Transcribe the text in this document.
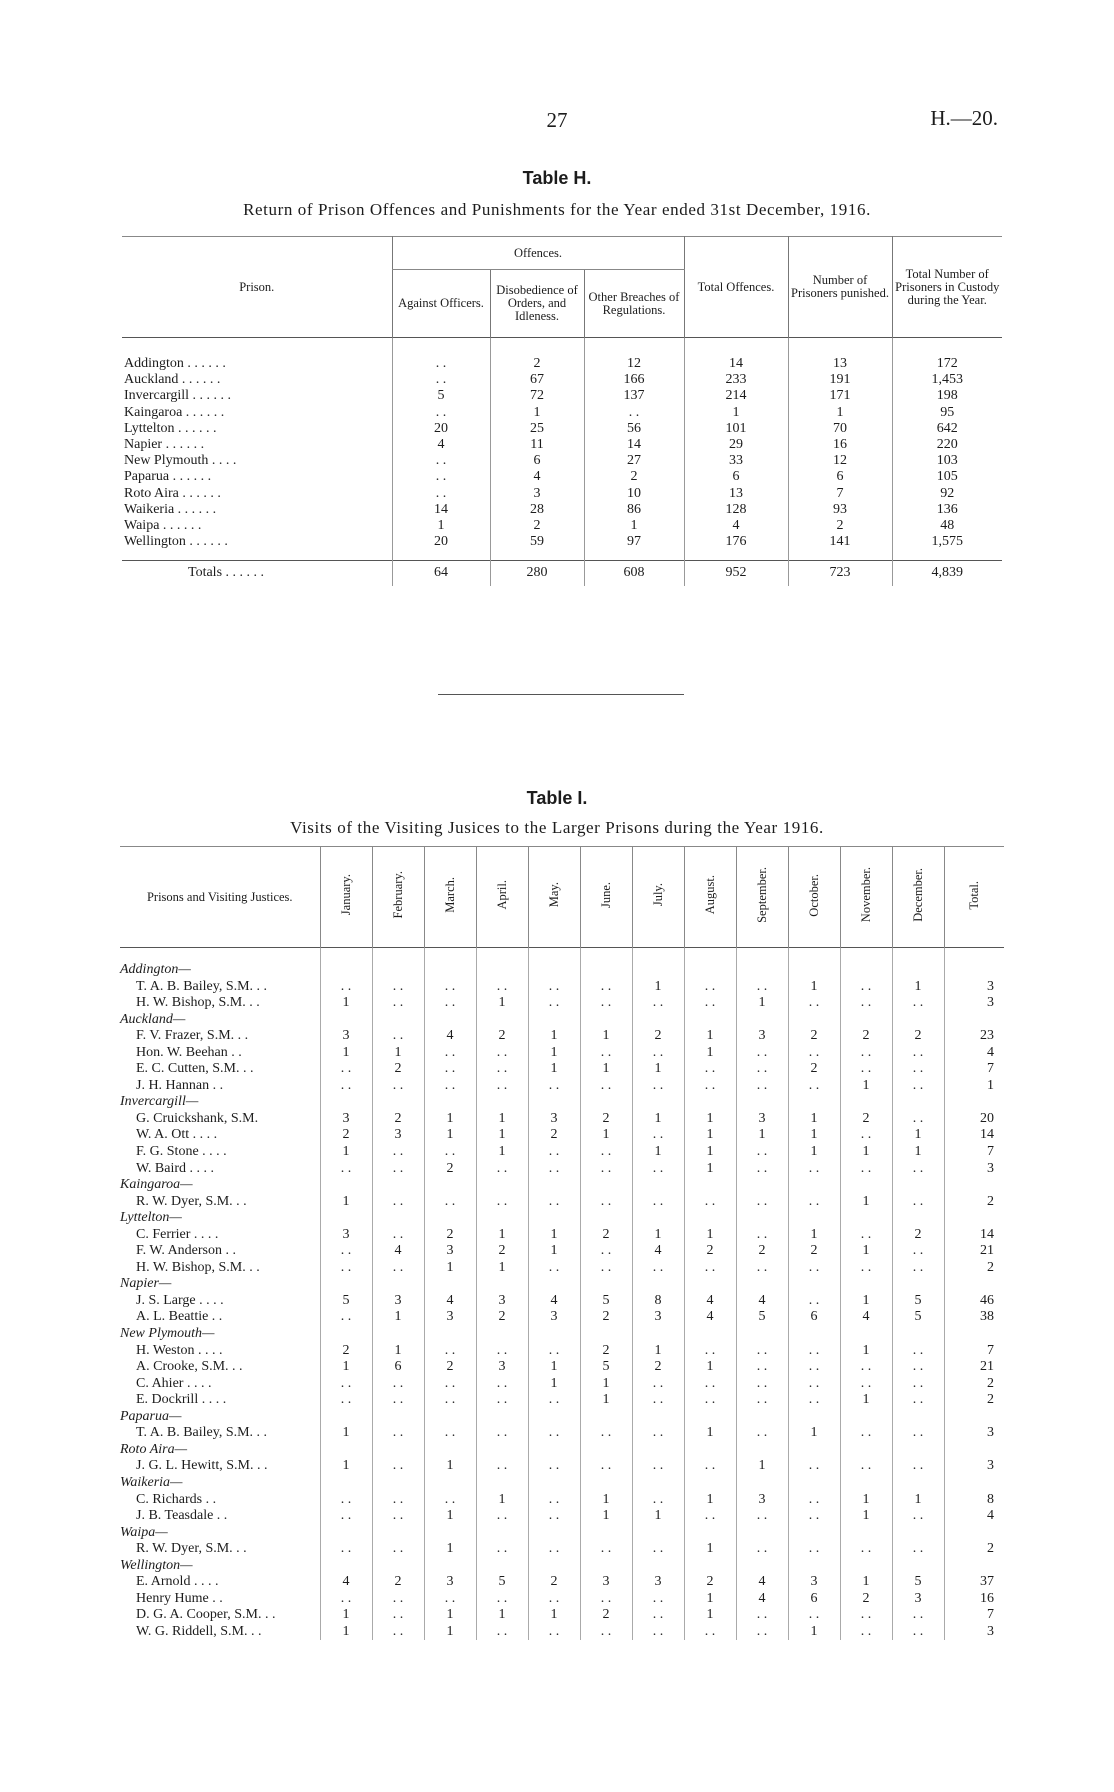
27	H.—20.
Table H.
Return of Prison Offences and Punishments for the Year ended 31st December, 1916.
Prison.	Offences.			Total Offences.	Number of Prisoners punished.	Total Number of Prisoners in Custody during the Year.
	Against Officers.	Disobedience of Orders, and Idleness.	Other Breaches of Regulations.			
Addington . . . . . .	. .	2	12	14	13	172
Auckland . . . . . .	. .	67	166	233	191	1,453
Invercargill . . . . . .	5	72	137	214	171	198
Kaingaroa . . . . . .	. .	1	. .	1	1	95
Lyttelton . . . . . .	20	25	56	101	70	642
Napier . . . . . .	4	11	14	29	16	220
New Plymouth . . . .	. .	6	27	33	12	103
Paparua . . . . . .	. .	4	2	6	6	105
Roto Aira . . . . . .	. .	3	10	13	7	92
Waikeria . . . . . .	14	28	86	128	93	136
Waipa . . . . . .	1	2	1	4	2	48
Wellington . . . . . .	20	59	97	176	141	1,575
Totals . . . . . .	64	280	608	952	723	4,839
Table I.
Visits of the Visiting Jusices to the Larger Prisons during the Year 1916.
Prisons and Visiting Justices.	January.	February.	March.	April.	May.	June.	July.	August.	September.	October.	November.	December.	Total.
Addington—													
T. A. B. Bailey, S.M. . .	. .	. .	. .	. .	. .	. .	1	. .	. .	1	. .	1	3
H. W. Bishop, S.M. . .	1	. .	. .	1	. .	. .	. .	. .	1	. .	. .	. .	3
Auckland—													
F. V. Frazer, S.M. . .	3	. .	4	2	1	1	2	1	3	2	2	2	23
Hon. W. Beehan . .	1	1	. .	. .	1	. .	. .	1	. .	. .	. .	. .	4
E. C. Cutten, S.M. . .	. .	2	. .	. .	1	1	1	. .	. .	2	. .	. .	7
J. H. Hannan . .	. .	. .	. .	. .	. .	. .	. .	. .	. .	. .	1	. .	1
Invercargill—													
G. Cruickshank, S.M.	3	2	1	1	3	2	1	1	3	1	2	. .	20
W. A. Ott . . . .	2	3	1	1	2	1	. .	1	1	1	. .	1	14
F. G. Stone . . . .	1	. .	. .	1	. .	. .	1	1	. .	1	1	1	7
W. Baird . . . .	. .	. .	2	. .	. .	. .	. .	1	. .	. .	. .	. .	3
Kaingaroa—													
R. W. Dyer, S.M. . .	1	. .	. .	. .	. .	. .	. .	. .	. .	. .	1	. .	2
Lyttelton—													
C. Ferrier . . . .	3	. .	2	1	1	2	1	1	. .	1	. .	2	14
F. W. Anderson . .	. .	4	3	2	1	. .	4	2	2	2	1	. .	21
H. W. Bishop, S.M. . .	. .	. .	1	1	. .	. .	. .	. .	. .	. .	. .	. .	2
Napier—													
J. S. Large . . . .	5	3	4	3	4	5	8	4	4	. .	1	5	46
A. L. Beattie . .	. .	1	3	2	3	2	3	4	5	6	4	5	38
New Plymouth—													
H. Weston . . . .	2	1	. .	. .	. .	2	1	. .	. .	. .	1	. .	7
A. Crooke, S.M. . .	1	6	2	3	1	5	2	1	. .	. .	. .	. .	21
C. Ahier . . . .	. .	. .	. .	. .	1	1	. .	. .	. .	. .	. .	. .	2
E. Dockrill . . . .	. .	. .	. .	. .	. .	1	. .	. .	. .	. .	1	. .	2
Paparua—													
T. A. B. Bailey, S.M. . .	1	. .	. .	. .	. .	. .	. .	1	. .	1	. .	. .	3
Roto Aira—													
J. G. L. Hewitt, S.M. . .	1	. .	1	. .	. .	. .	. .	. .	1	. .	. .	. .	3
Waikeria—													
C. Richards . .	. .	. .	. .	1	. .	1	. .	1	3	. .	1	1	8
J. B. Teasdale . .	. .	. .	1	. .	. .	1	1	. .	. .	. .	1	. .	4
Waipa—													
R. W. Dyer, S.M. . .	. .	. .	1	. .	. .	. .	. .	1	. .	. .	. .	. .	2
Wellington—													
E. Arnold . . . .	4	2	3	5	2	3	3	2	4	3	1	5	37
Henry Hume . .	. .	. .	. .	. .	. .	. .	. .	1	4	6	2	3	16
D. G. A. Cooper, S.M. . .	1	. .	1	1	1	2	. .	1	. .	. .	. .	. .	7
W. G. Riddell, S.M. . .	1	. .	1	. .	. .	. .	. .	. .	. .	1	. .	. .	3
